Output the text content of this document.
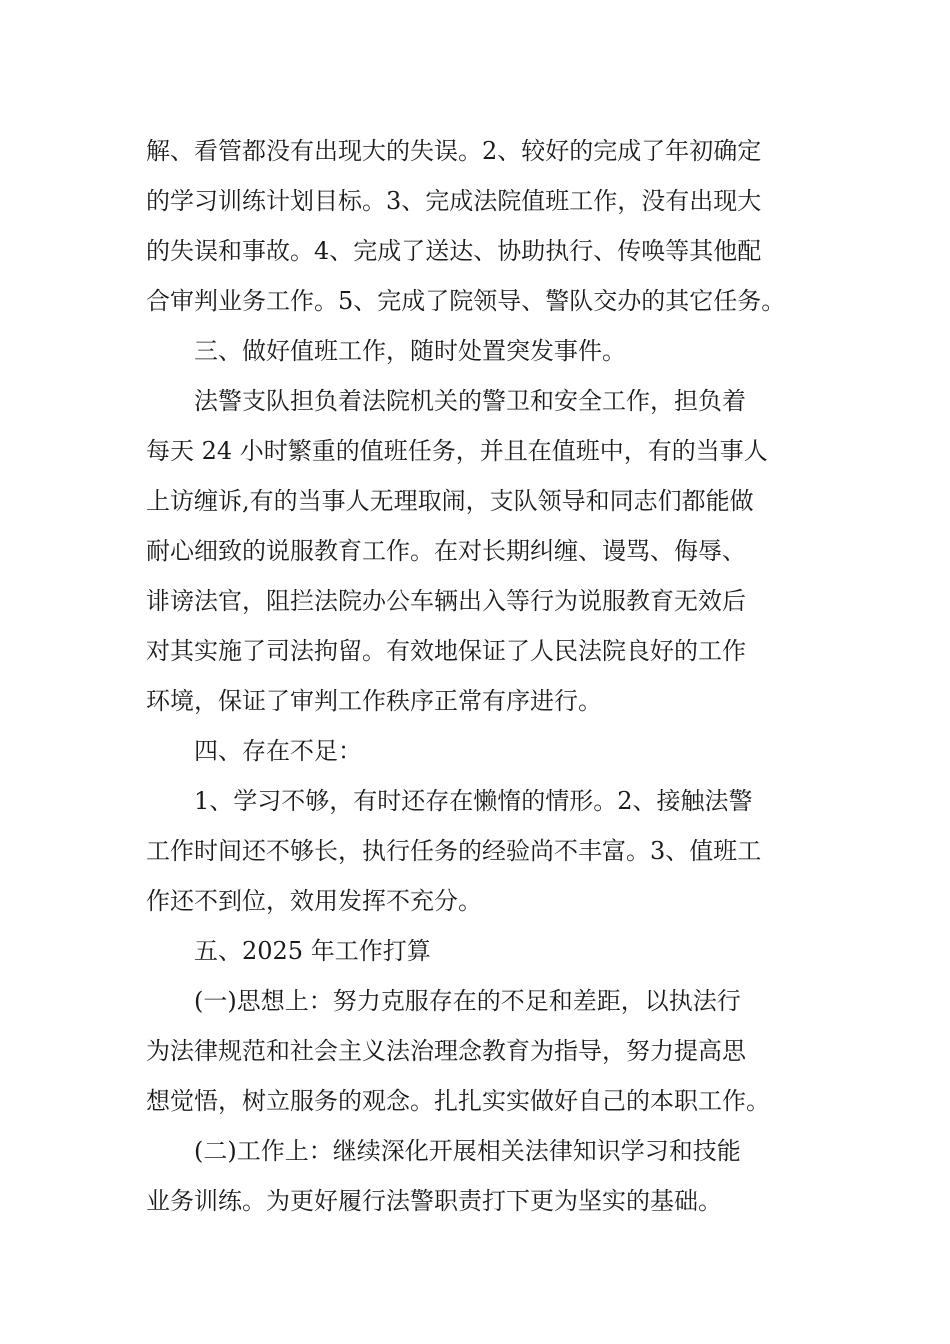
解、看管都没有出现大的失误。2、较好的完成了年初确定
的学习训练计划目标。3、完成法院值班工作，没有出现大
的失误和事故。4、完成了送达、协助执行、传唤等其他配
合审判业务工作。5、完成了院领导、警队交办的其它任务。
三、做好值班工作，随时处置突发事件。
法警支队担负着法院机关的警卫和安全工作，担负着
每天 24 小时繁重的值班任务，并且在值班中，有的当事人
上访缠诉,有的当事人无理取闹，支队领导和同志们都能做
耐心细致的说服教育工作。在对长期纠缠、谩骂、侮辱、
诽谤法官，阻拦法院办公车辆出入等行为说服教育无效后
对其实施了司法拘留。有效地保证了人民法院良好的工作
环境，保证了审判工作秩序正常有序进行。
四、存在不足：
1、学习不够，有时还存在懒惰的情形。2、接触法警
工作时间还不够长，执行任务的经验尚不丰富。3、值班工
作还不到位，效用发挥不充分。
五、2025 年工作打算
(一)思想上：努力克服存在的不足和差距，以执法行
为法律规范和社会主义法治理念教育为指导，努力提高思
想觉悟，树立服务的观念。扎扎实实做好自己的本职工作。
(二)工作上：继续深化开展相关法律知识学习和技能
业务训练。为更好履行法警职责打下更为坚实的基础。
